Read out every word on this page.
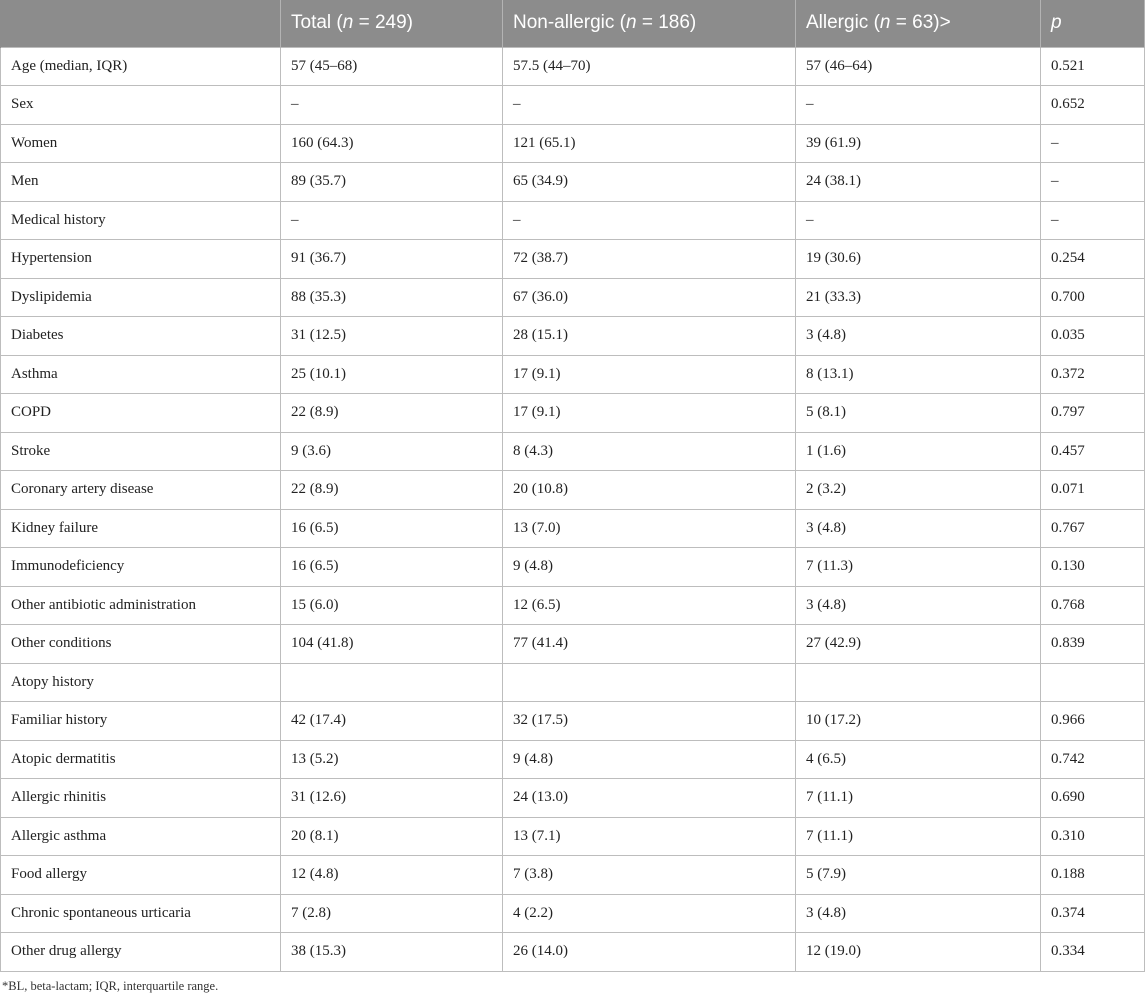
	Total (n = 249)	Non-allergic (n = 186)	Allergic (n = 63)>	p
Age (median, IQR)	57 (45–68)	57.5 (44–70)	57 (46–64)	0.521
Sex	–	–	–	0.652
Women	160 (64.3)	121 (65.1)	39 (61.9)	–
Men	89 (35.7)	65 (34.9)	24 (38.1)	–
Medical history	–	–	–	–
Hypertension	91 (36.7)	72 (38.7)	19 (30.6)	0.254
Dyslipidemia	88 (35.3)	67 (36.0)	21 (33.3)	0.700
Diabetes	31 (12.5)	28 (15.1)	3 (4.8)	0.035
Asthma	25 (10.1)	17 (9.1)	8 (13.1)	0.372
COPD	22 (8.9)	17 (9.1)	5 (8.1)	0.797
Stroke	9 (3.6)	8 (4.3)	1 (1.6)	0.457
Coronary artery disease	22 (8.9)	20 (10.8)	2 (3.2)	0.071
Kidney failure	16 (6.5)	13 (7.0)	3 (4.8)	0.767
Immunodeficiency	16 (6.5)	9 (4.8)	7 (11.3)	0.130
Other antibiotic administration	15 (6.0)	12 (6.5)	3 (4.8)	0.768
Other conditions	104 (41.8)	77 (41.4)	27 (42.9)	0.839
Atopy history				
Familiar history	42 (17.4)	32 (17.5)	10 (17.2)	0.966
Atopic dermatitis	13 (5.2)	9 (4.8)	4 (6.5)	0.742
Allergic rhinitis	31 (12.6)	24 (13.0)	7 (11.1)	0.690
Allergic asthma	20 (8.1)	13 (7.1)	7 (11.1)	0.310
Food allergy	12 (4.8)	7 (3.8)	5 (7.9)	0.188
Chronic spontaneous urticaria	7 (2.8)	4 (2.2)	3 (4.8)	0.374
Other drug allergy	38 (15.3)	26 (14.0)	12 (19.0)	0.334
*BL, beta-lactam; IQR, interquartile range.
